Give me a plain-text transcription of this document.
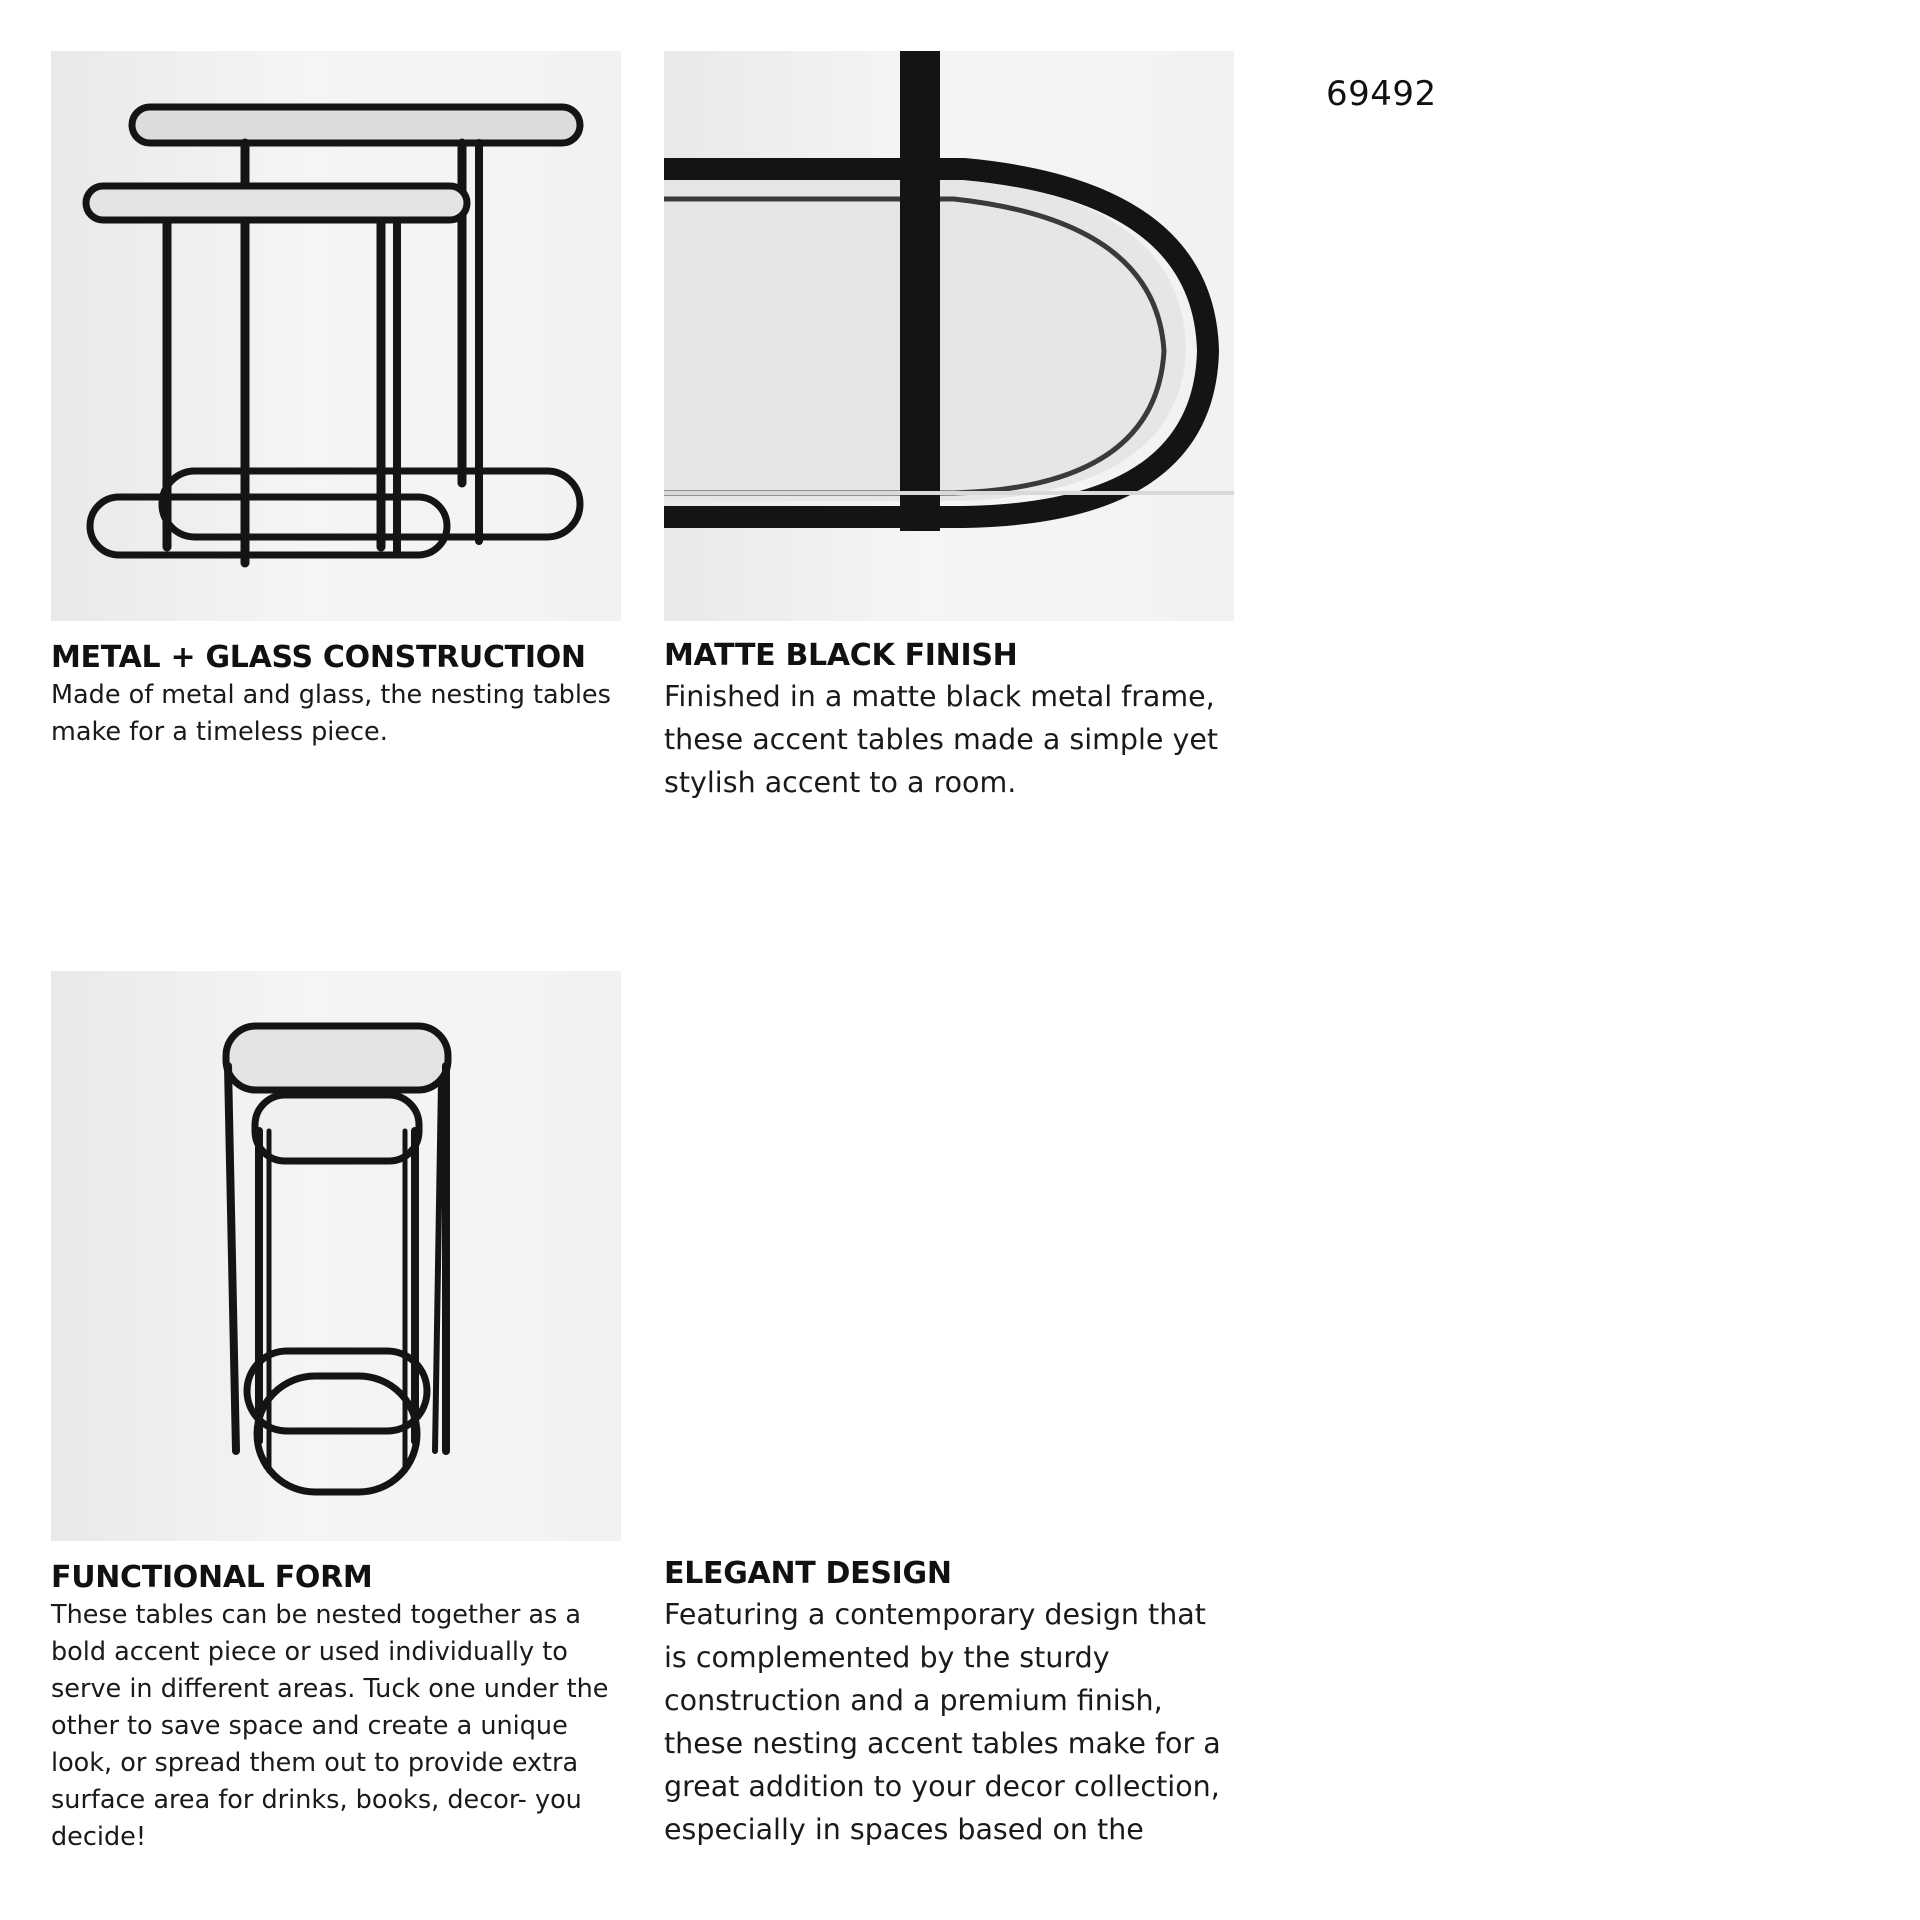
69492
METAL + GLASS CONSTRUCTION

Made of metal and glass, the nesting tables make for a timeless piece.

MATTE BLACK FINISH

Finished in a matte black metal frame, these accent tables made a simple yet stylish accent to a room.

FUNCTIONAL FORM

These tables can be nested together as a bold accent piece or used individually to serve in different areas. Tuck one under the other to save space and create a unique look, or spread them out to provide extra surface area for drinks, books, decor- you decide!

ELEGANT DESIGN

Featuring a contemporary design that is complemented by the sturdy construction and a premium finish, these nesting accent tables make for a great addition to your decor collection, especially in spaces based on the
